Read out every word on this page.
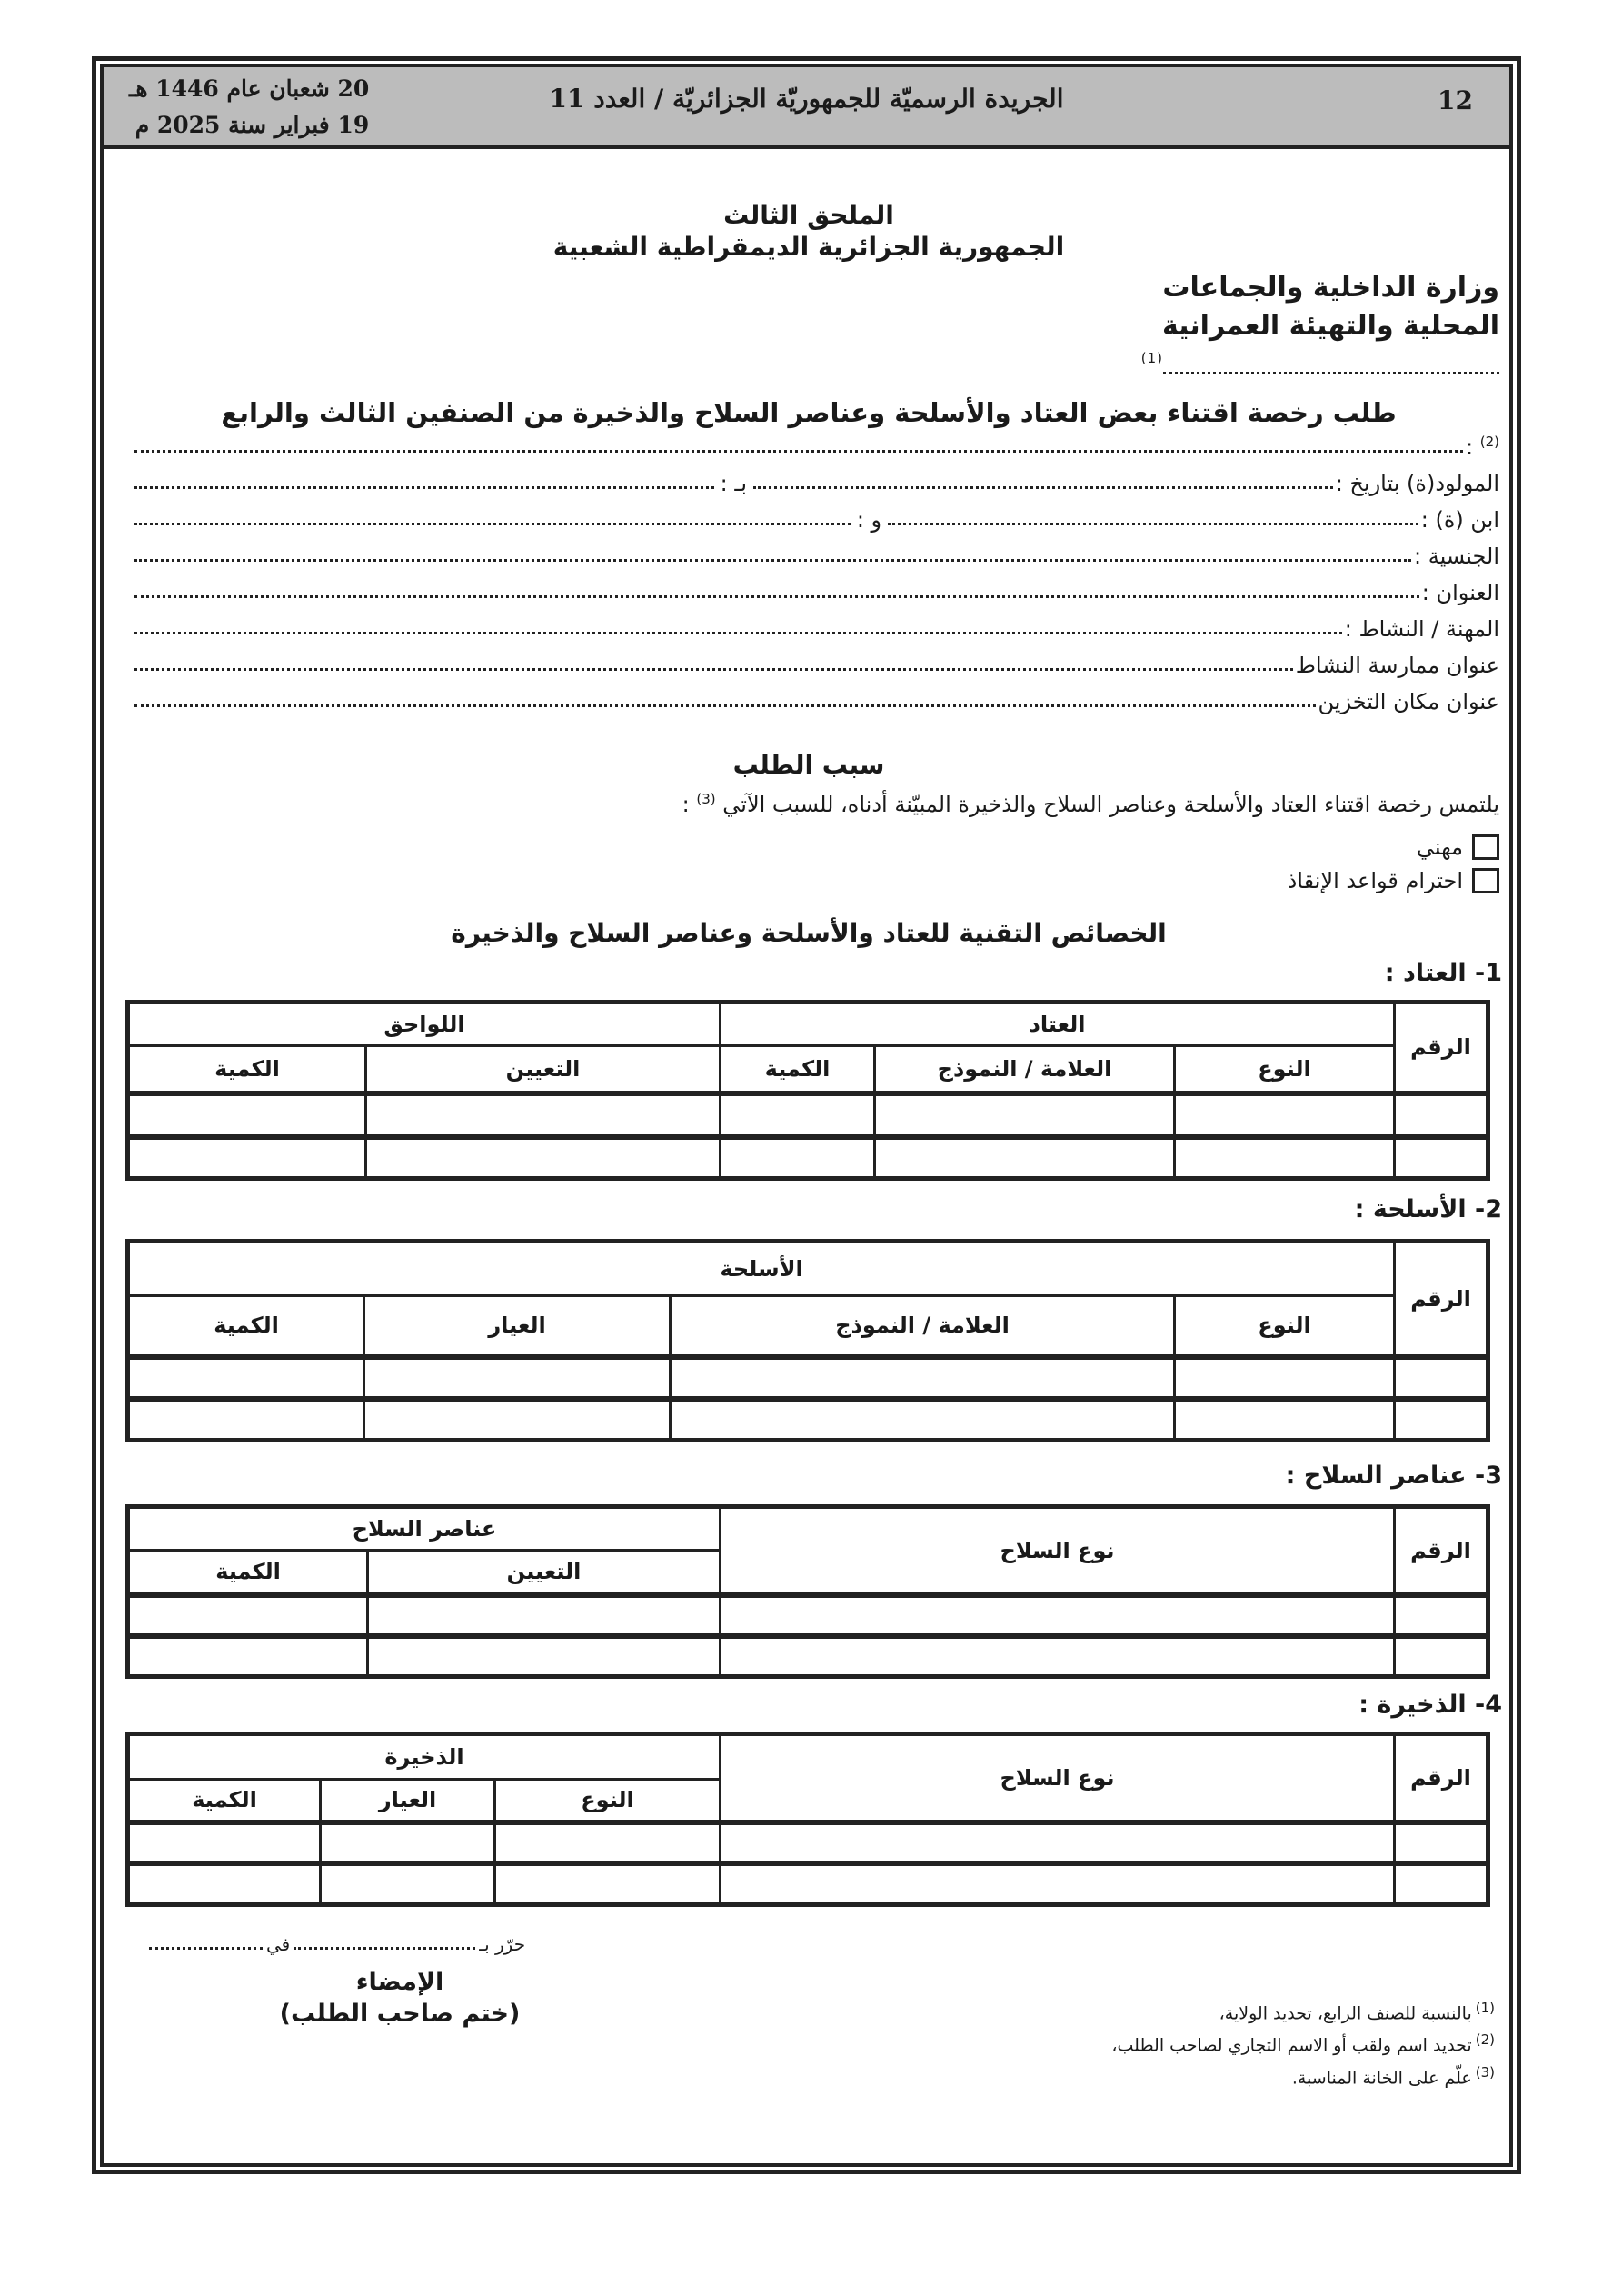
12
الجريدة الرسميّة للجمهوريّة الجزائريّة / العدد 11
20 شعبان عام 1446 هـ
19 فبراير سنة 2025 م
الملحق الثالث
الجمهورية الجزائرية الديمقراطية الشعبية
وزارة الداخلية والجماعات
المحلية والتهيئة العمرانية
$^{(1)}$
طلب رخصة اقتناء بعض العتاد والأسلحة وعناصر السلاح والذخيرة من الصنفين الثالث والرابع
$^{(2)}$ :
المولود(ة) بتاريخ :
بـ :
ابن (ة) :
و :
الجنسية :
العنوان :
المهنة / النشاط :
عنوان ممارسة النشاط
عنوان مكان التخزين
سبب الطلب
يلتمس رخصة اقتناء العتاد والأسلحة وعناصر السلاح والذخيرة المبيّنة أدناه، للسبب الآتي $^{(3)}$ :
مهني
احترام قواعد الإنقاذ
الخصائص التقنية للعتاد والأسلحة وعناصر السلاح والذخيرة
1- العتاد :
الرقم	العتاد			اللواحق	
	النوع	العلامة / النموذج	الكمية	التعيين	الكمية

2- الأسلحة :
الرقم	الأسلحة			
	النوع	العلامة / النموذج	العيار	الكمية

3- عناصر السلاح :
الرقم	نوع السلاح	عناصر السلاح	
		التعيين	الكمية

4- الذخيرة :
الرقم	نوع السلاح	الذخيرة		
		النوع	العيار	الكمية

حرّر بـ
في
الإمضاء
(ختم صاحب الطلب)	$^{(1)}$بالنسبة للصنف الرابع، تحديد الولاية،
$^{(2)}$تحديد اسم ولقب أو الاسم التجاري لصاحب الطلب،
$^{(3)}$علّم على الخانة المناسبة.
